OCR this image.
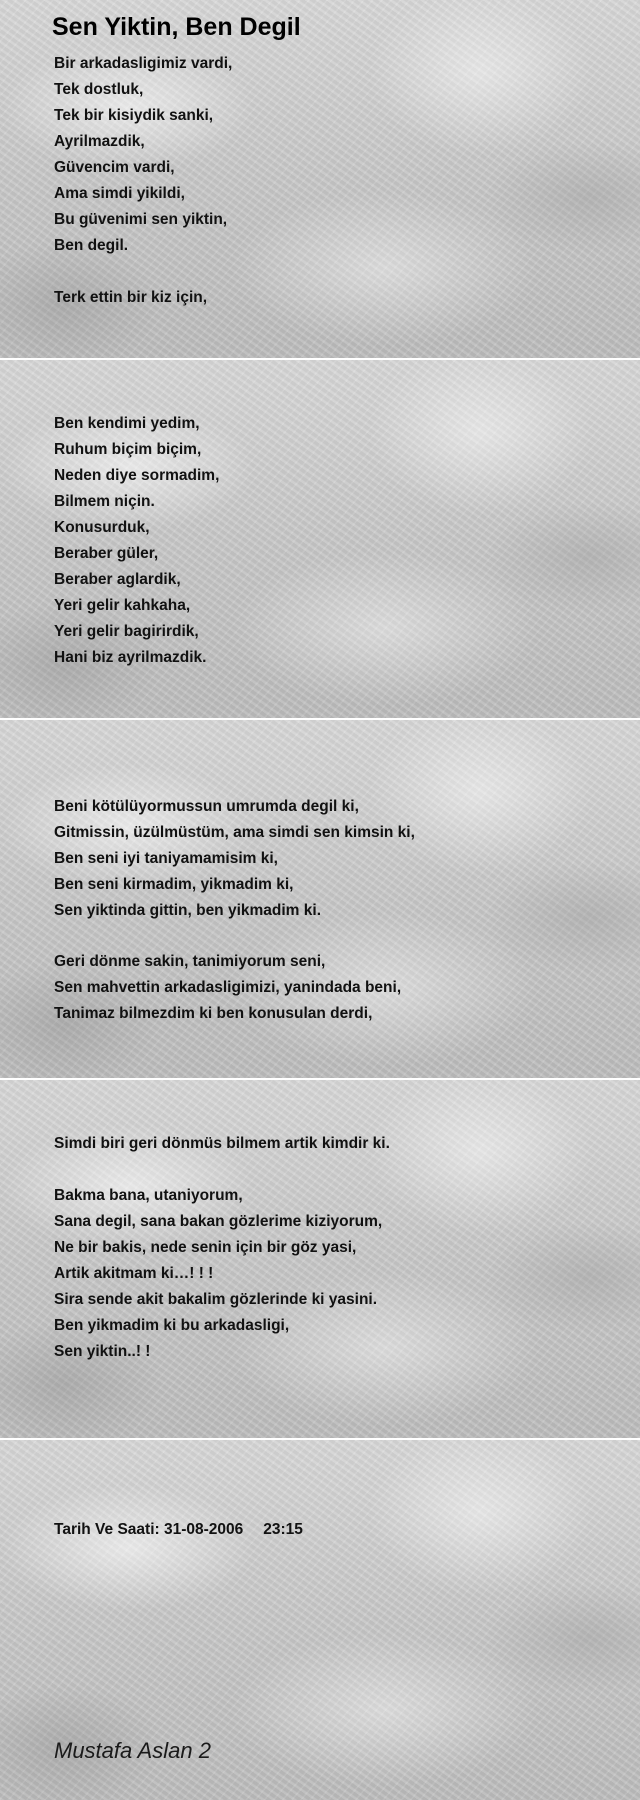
Sen Yiktin, Ben Degil
Bir arkadasligimiz vardi,
Tek dostluk,
Tek bir kisiydik sanki,
Ayrilmazdik,
Güvencim vardi,
Ama simdi yikildi,
Bu güvenimi sen yiktin,
Ben degil.
Terk ettin bir kiz için,
Ben kendimi yedim,
Ruhum biçim biçim,
Neden diye sormadim,
Bilmem niçin.
Konusurduk,
Beraber güler,
Beraber aglardik,
Yeri gelir kahkaha,
Yeri gelir bagirirdik,
Hani biz ayrilmazdik.
Beni kötülüyormussun umrumda degil ki,
Gitmissin, üzülmüstüm, ama simdi sen kimsin ki,
Ben seni iyi taniyamamisim ki,
Ben seni kirmadim, yikmadim ki,
Sen yiktinda gittin, ben yikmadim ki.
Geri dönme sakin, tanimiyorum seni,
Sen mahvettin arkadasligimizi, yanindada beni,
Tanimaz bilmezdim ki ben konusulan derdi,
Simdi biri geri dönmüs bilmem artik kimdir ki.
Bakma bana, utaniyorum,
Sana degil, sana bakan gözlerime kiziyorum,
Ne bir bakis, nede senin için bir göz yasi,
Artik akitmam ki…! ! !
Sira sende akit bakalim gözlerinde ki yasini.
Ben yikmadim ki bu arkadasligi,
Sen yiktin..! !
Tarih Ve Saati: 31-08-2006 23:15
Mustafa Aslan 2
